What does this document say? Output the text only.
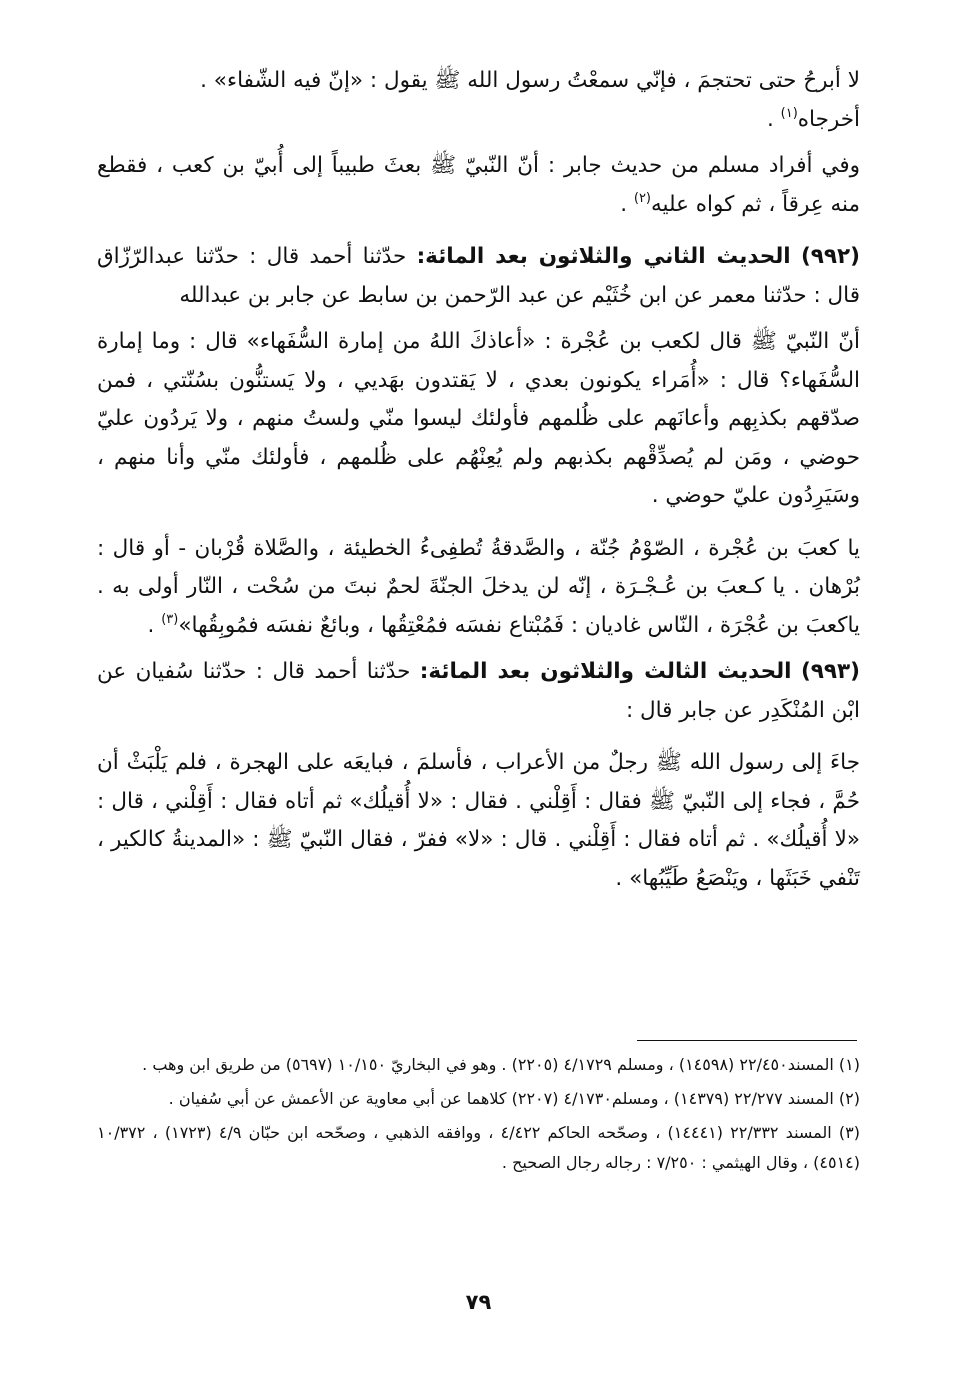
لا أبرحُ حتى تحتجمَ ، فإنّي سمعْتُ رسول الله ﷺ يقول : «إنّ فيه الشّفاء» .
أخرجاه$^{(١)}$ .

وفي أفراد مسلم من حديث جابر : أنّ النّبيّ ﷺ بعثَ طبيباً إلى أُبيّ بن كعب ، فقطع منه عِرقاً ، ثم كواه عليه$^{(٢)}$ .

(٩٩٢) الحديث الثاني والثلاثون بعد المائة: حدّثنا أحمد قال : حدّثنا عبدالرّزّاق قال : حدّثنا معمر عن ابن خُثَيْم عن عبد الرّحمن بن سابط عن جابر بن عبدالله

أنّ النّبيّ ﷺ قال لكعب بن عُجْرة : «أعاذكَ اللهُ من إمارة السُّفَهاء» قال : وما إمارة السُّفَهاء؟ قال : «أُمَراء يكونون بعدي ، لا يَقتدون بهَديي ، ولا يَستنُّون بسُنّتي ، فمن صدّقهم بكذبِهم وأعانَهم على ظُلمهم فأولئك ليسوا منّي ولستُ منهم ، ولا يَردُون عليّ حوضي ، ومَن لم يُصدِّقْهم بكذبهم ولم يُعِنْهُم على ظُلمهم ، فأولئك منّي وأنا منهم ، وسَيَرِدُون عليّ حوضي .

يا كعبَ بن عُجْرة ، الصّوْمُ جُنّة ، والصَّدقةُ تُطفِىءُ الخطيئة ، والصَّلاة قُرْبان - أو قال : بُرْهان . يا كـعبَ بن عُـجْـرَة ، إنّه لن يدخلَ الجنّةَ لحمٌ نبتَ من سُحْت ، النّار أولى به . ياكعبَ بن عُجْرَة ، النّاس غاديان : فَمُبْتاع نفسَه فمُعْتِقُها ، وبائعٌ نفسَه فمُوبِقُها»$^{(٣)}$ .

(٩٩٣) الحديث الثالث والثلاثون بعد المائة: حدّثنا أحمد قال : حدّثنا سُفيان عن ابْن المُنْكَدِر عن جابر قال :

جاءَ إلى رسول الله ﷺ رجلٌ من الأعراب ، فأسلمَ ، فبايعَه على الهجرة ، فلم يَلْبَثْ أن حُمَّ ، فجاء إلى النّبيّ ﷺ فقال : أَقِلْني . فقال : «لا أُقيلُك» ثم أتاه فقال : أَقِلْني ، قال : «لا أُقيلُك» . ثم أتاه فقال : أَقِلْني . قال : «لا» ففرّ ، فقال النّبيّ ﷺ : «المدينةُ كالكير ، تَنْفي خَبَثَها ، ويَنْصَعُ طَيِّبُها» .

(١) المسند٢٢/٤٥٠ (١٤٥٩٨) ، ومسلم ٤/١٧٢٩ (٢٢٠٥) . وهو في البخاريّ ١٠/١٥٠ (٥٦٩٧) من طريق ابن وهب .

(٢) المسند ٢٢/٢٧٧ (١٤٣٧٩) ، ومسلم٤/١٧٣٠ (٢٢٠٧) كلاهما عن أبي معاوية عن الأعمش عن أبي سُفيان .

(٣) المسند ٢٢/٣٣٢ (١٤٤٤١) ، وصحّحه الحاكم ٤/٤٢٢ ، ووافقه الذهبي ، وصحّحه ابن حبّان ٤/٩ (١٧٢٣) ، ١٠/٣٧٢ (٤٥١٤) ، وقال الهيثمي : ٧/٢٥٠ : رجاله رجال الصحيح .

٧٩
